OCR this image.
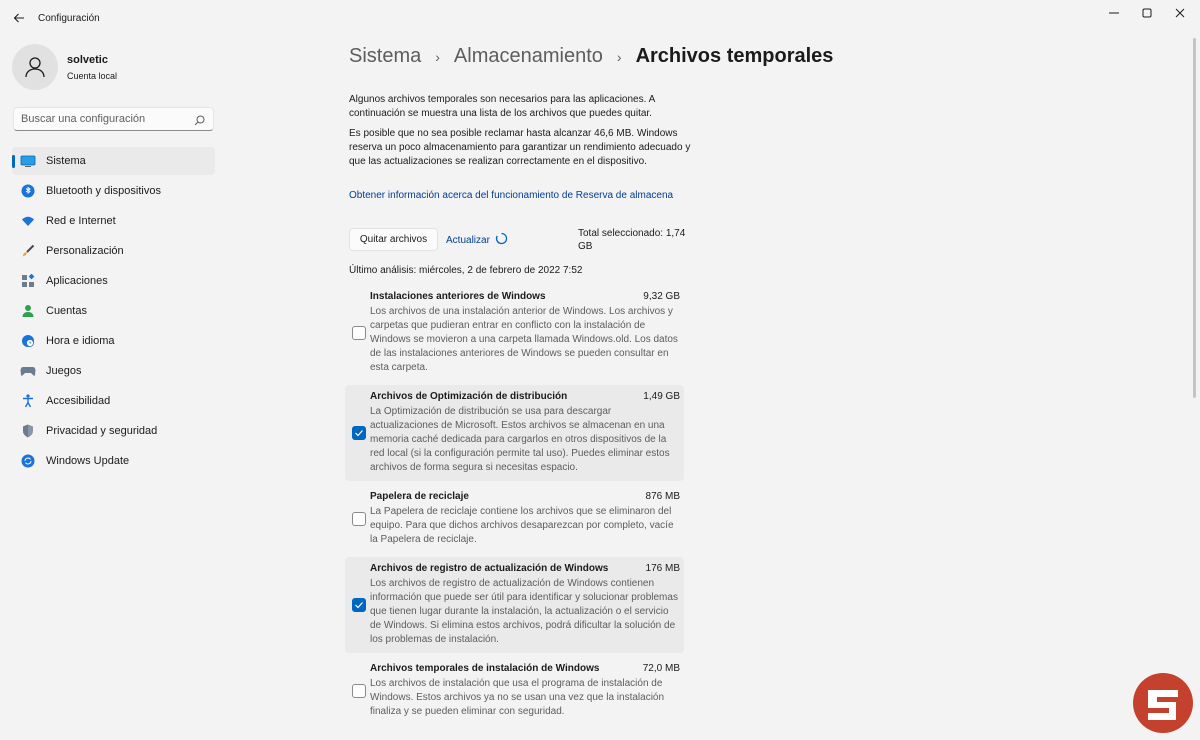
Configuración
solvetic
Cuenta local
Buscar una configuración
Sistema
Bluetooth y dispositivos
Red e Internet
Personalización
Aplicaciones
Cuentas
Hora e idioma
Juegos
Accesibilidad
Privacidad y seguridad
Windows Update
Sistema › Almacenamiento › Archivos temporales
Algunos archivos temporales son necesarios para las aplicaciones. A continuación se muestra una lista de los archivos que puedes quitar.
Es posible que no sea posible reclamar hasta alcanzar 46,6 MB. Windows reserva un poco almacenamiento para garantizar un rendimiento adecuado y que las actualizaciones se realizan correctamente en el dispositivo.
Obtener información acerca del funcionamiento de Reserva de almacena
Quitar archivos	Actualizar
Total seleccionado: 1,74 GB
Último análisis: miércoles, 2 de febrero de 2022 7:52
Instalaciones anteriores de Windows	9,32 GB
Los archivos de una instalación anterior de Windows. Los archivos y carpetas que pudieran entrar en conflicto con la instalación de Windows se movieron a una carpeta llamada Windows.old. Los datos de las instalaciones anteriores de Windows se pueden consultar en esta carpeta.
Archivos de Optimización de distribución	1,49 GB
La Optimización de distribución se usa para descargar actualizaciones de Microsoft. Estos archivos se almacenan en una memoria caché dedicada para cargarlos en otros dispositivos de la red local (si la configuración permite tal uso). Puedes eliminar estos archivos de forma segura si necesitas espacio.
Papelera de reciclaje	876 MB
La Papelera de reciclaje contiene los archivos que se eliminaron del equipo. Para que dichos archivos desaparezcan por completo, vacíe la Papelera de reciclaje.
Archivos de registro de actualización de Windows	176 MB
Los archivos de registro de actualización de Windows contienen información que puede ser útil para identificar y solucionar problemas que tienen lugar durante la instalación, la actualización o el servicio de Windows. Si elimina estos archivos, podrá dificultar la solución de los problemas de instalación.
Archivos temporales de instalación de Windows	72,0 MB
Los archivos de instalación que usa el programa de instalación de Windows. Estos archivos ya no se usan una vez que la instalación finaliza y se pueden eliminar con seguridad.
